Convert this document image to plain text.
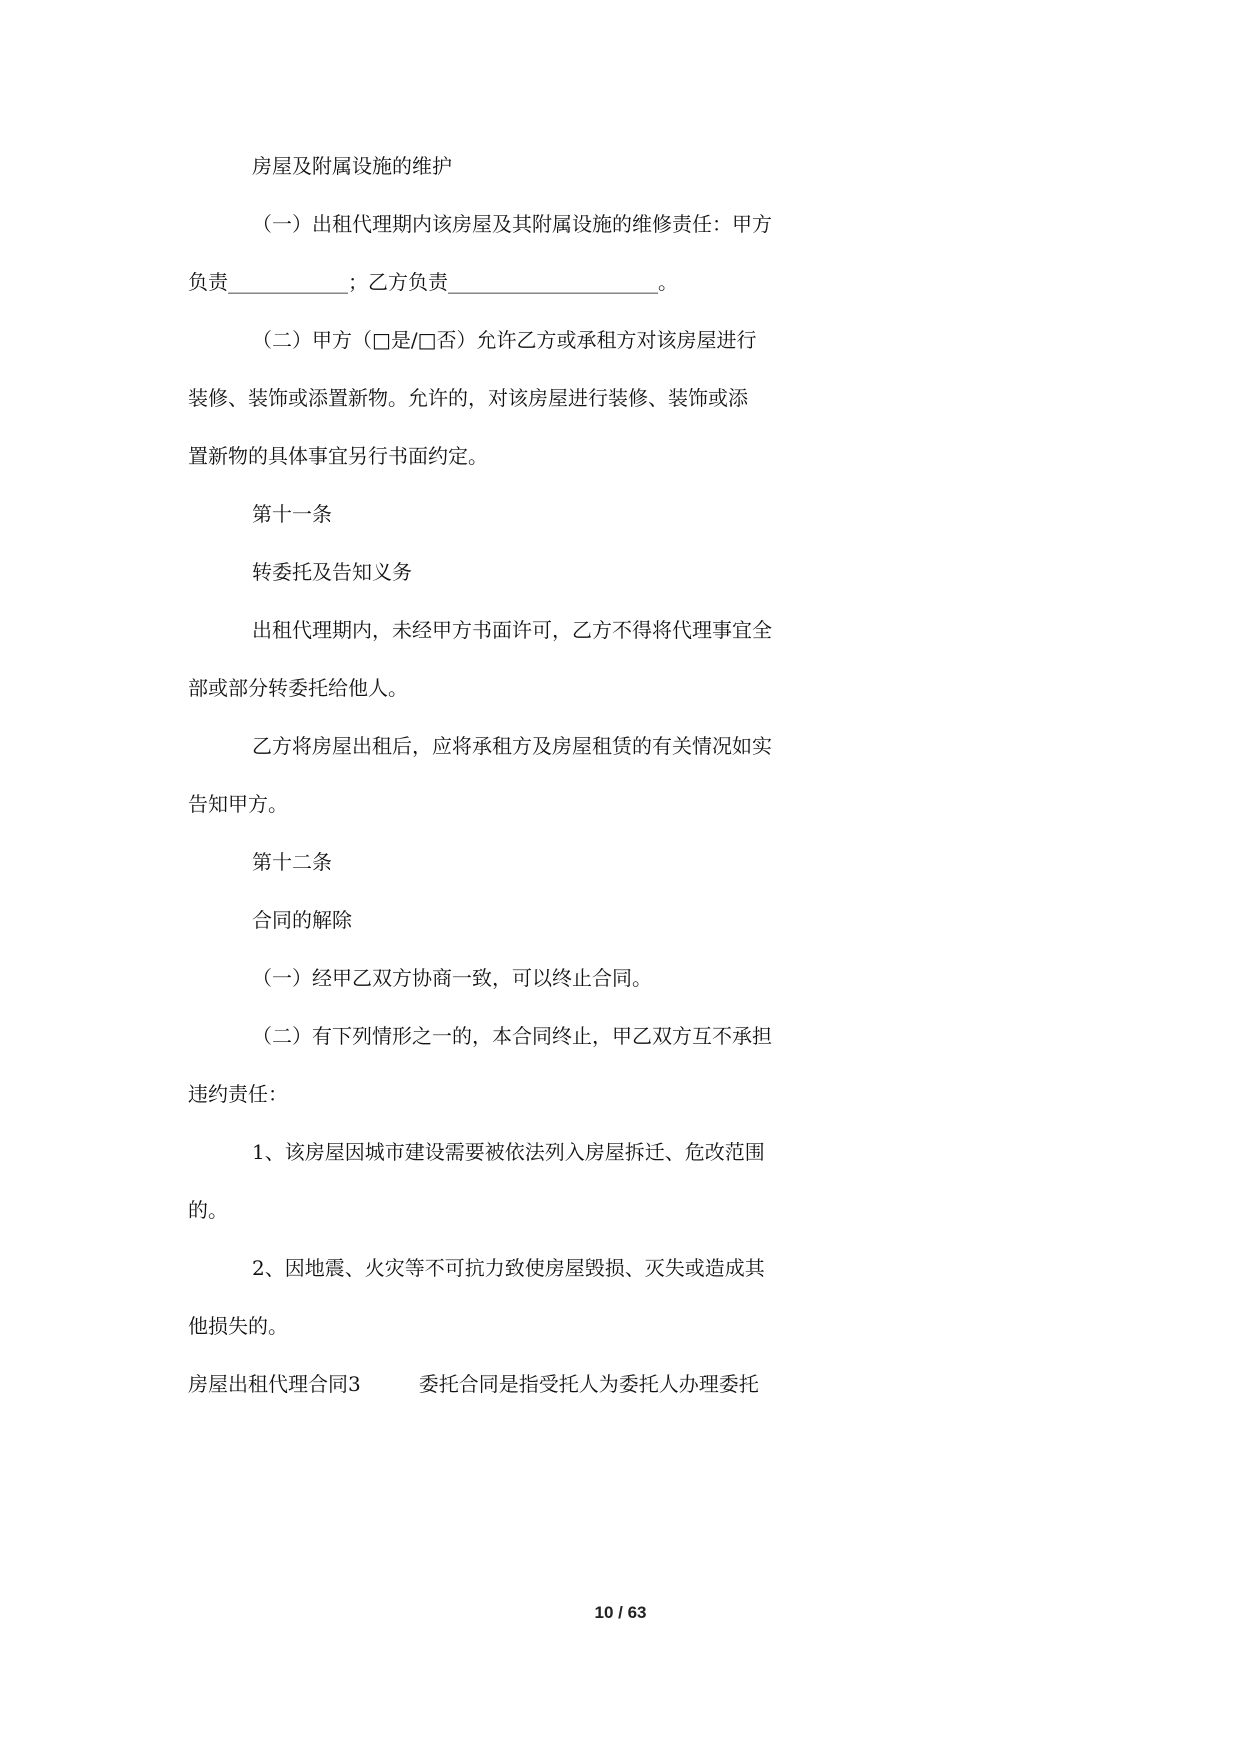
房屋及附属设施的维护
（一）出租代理期内该房屋及其附属设施的维修责任：甲方
负责____________；乙方负责_____________________。
（二）甲方（□是/□否）允许乙方或承租方对该房屋进行
装修、装饰或添置新物。允许的，对该房屋进行装修、装饰或添
置新物的具体事宜另行书面约定。
第十一条
转委托及告知义务
出租代理期内，未经甲方书面许可，乙方不得将代理事宜全
部或部分转委托给他人。
乙方将房屋出租后，应将承租方及房屋租赁的有关情况如实
告知甲方。
第十二条
合同的解除
（一）经甲乙双方协商一致，可以终止合同。
（二）有下列情形之一的，本合同终止，甲乙双方互不承担
违约责任：
1、该房屋因城市建设需要被依法列入房屋拆迁、危改范围
的。
2、因地震、火灾等不可抗力致使房屋毁损、灭失或造成其
他损失的。
房屋出租代理合同3	委托合同是指受托人为委托人办理委托
10 / 63
